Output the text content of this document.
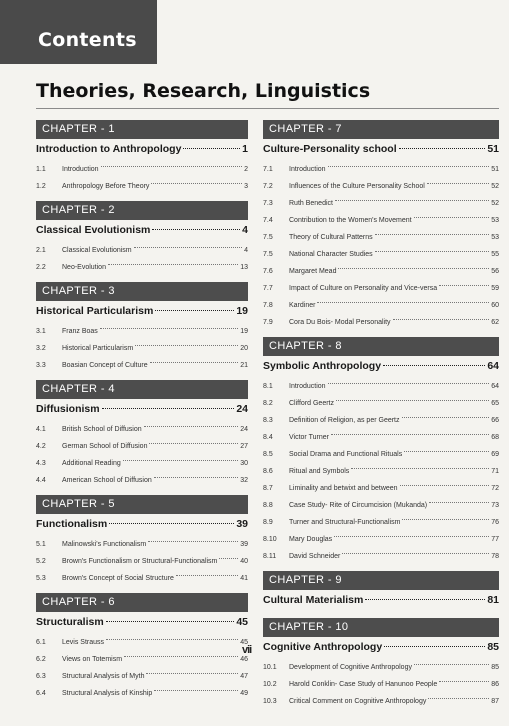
Contents
Theories, Research, Linguistics
CHAPTER - 1
Introduction to Anthropology	1
1.1	Introduction	2
1.2	Anthropology Before Theory	3
CHAPTER - 2
Classical Evolutionism	4
2.1	Classical Evolutionism	4
2.2	Neo-Evolution	13
CHAPTER - 3
Historical Particularism	19
3.1	Franz Boas	19
3.2	Historical Particularism	20
3.3	Boasian Concept of Culture	21
CHAPTER - 4
Diffusionism	24
4.1	British School of Diffusion	24
4.2	German School of Diffusion	27
4.3	Additional Reading	30
4.4	American School of Diffusion	32
CHAPTER - 5
Functionalism	39
5.1	Malinowski's Functionalism	39
5.2	Brown's Functionalism or Structural-Functionalism	40
5.3	Brown's Concept of Social Structure	41
CHAPTER - 6
Structuralism	45
6.1	Levis Strauss	45
6.2	Views on Totemism	46
6.3	Structural Analysis of Myth	47
6.4	Structural Analysis of Kinship	49
CHAPTER - 7
Culture-Personality school	51
7.1	Introduction	51
7.2	Influences of the Culture Personality School	52
7.3	Ruth Benedict	52
7.4	Contribution to the Women's Movement	53
7.5	Theory of Cultural Patterns	53
7.5	National Character Studies	55
7.6	Margaret Mead	56
7.7	Impact of Culture on Personality and Vice-versa	59
7.8	Kardiner	60
7.9	Cora Du Bois- Modal Personality	62
CHAPTER - 8
Symbolic Anthropology	64
8.1	Introduction	64
8.2	Clifford Geertz	65
8.3	Definition of Religion, as per Geertz	66
8.4	Victor Turner	68
8.5	Social Drama and Functional Rituals	69
8.6	Ritual and Symbols	71
8.7	Liminality and betwixt and between	72
8.8	Case Study- Rite of Circumcision (Mukanda)	73
8.9	Turner and Structural-Functionalism	76
8.10	Mary Douglas	77
8.11	David Schneider	78
CHAPTER - 9
Cultural Materialism	81
CHAPTER - 10
Cognitive Anthropology	85
10.1	Development of Cognitive Anthropology	85
10.2	Harold Conklin- Case Study of Hanunoo People	86
10.3	Critical Comment on Cognitive Anthropology	87
vii
